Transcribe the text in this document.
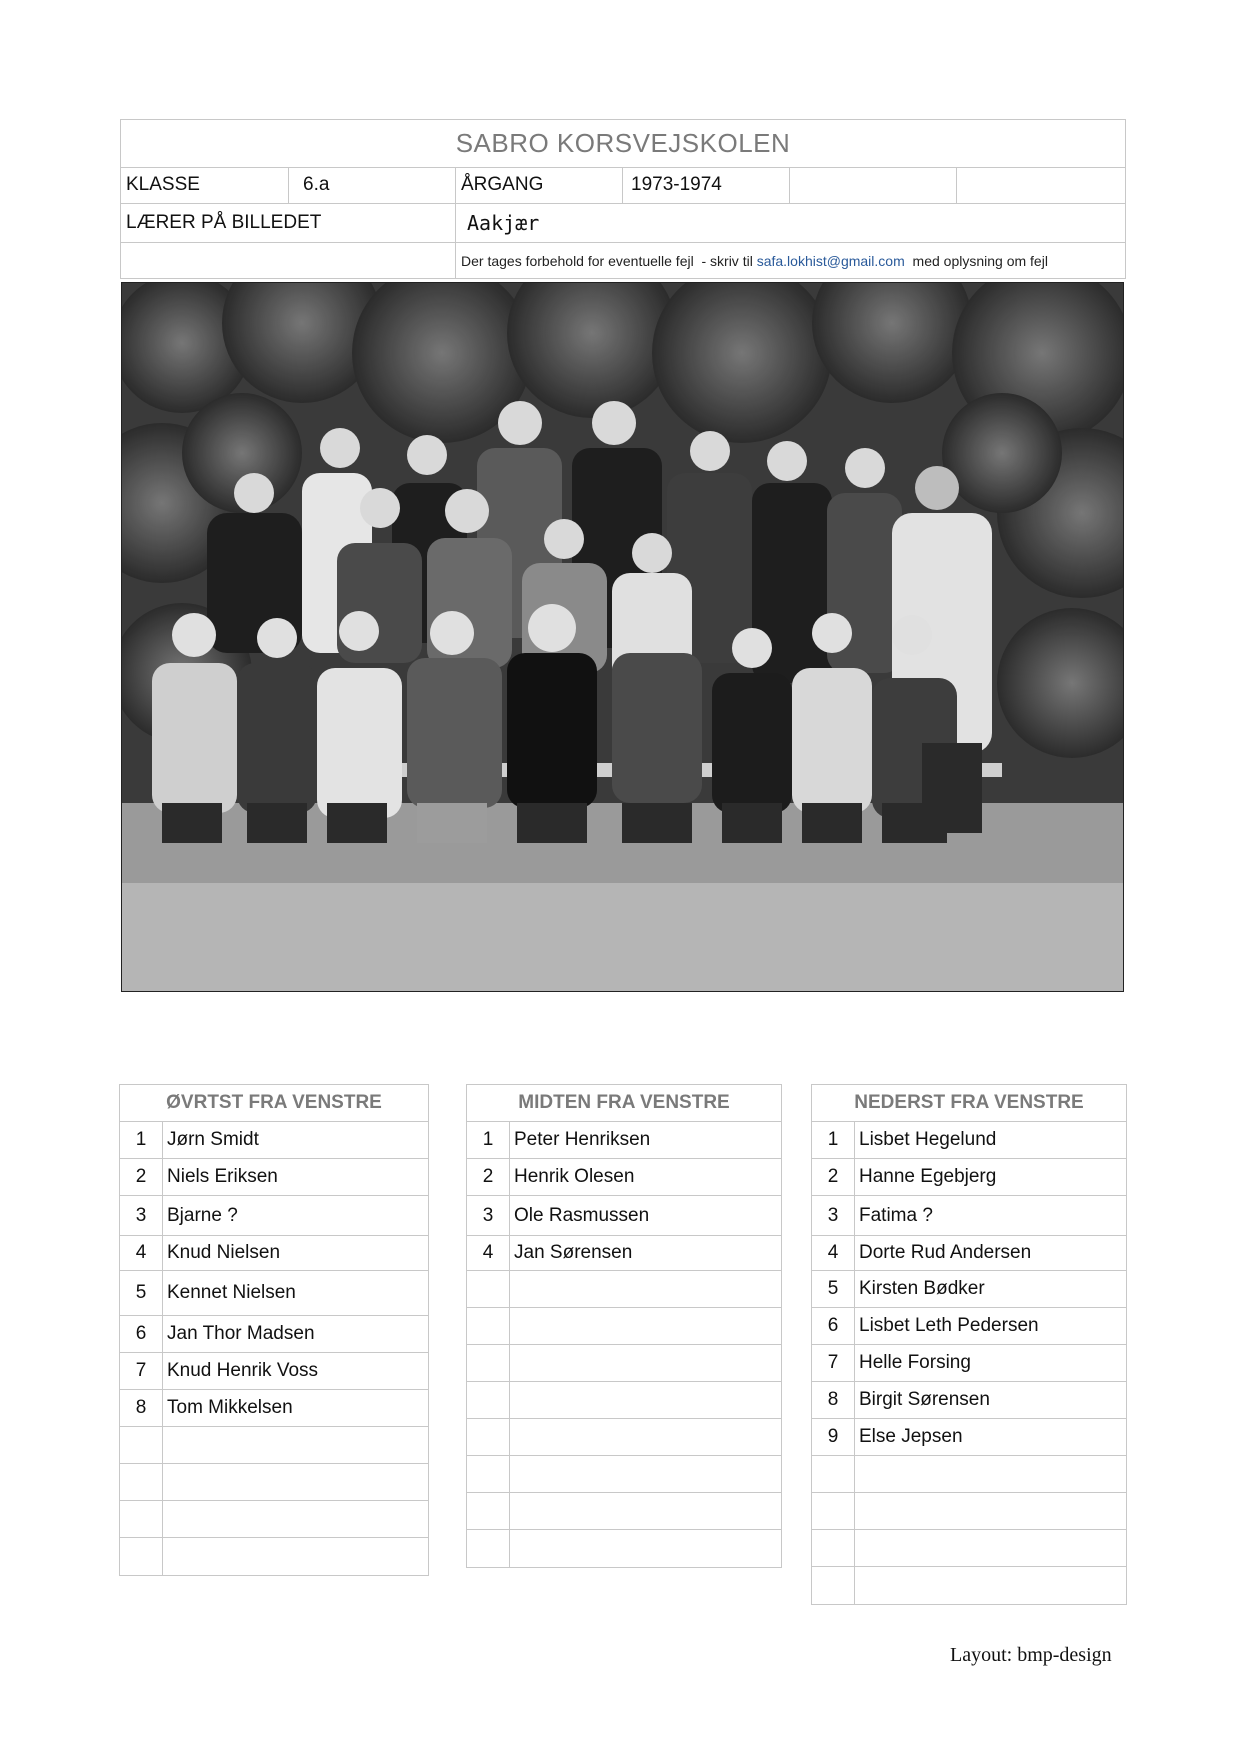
SABRO KORSVEJSKOLEN
KLASSE	6.a	ÅRGANG	1973-1974
LÆRER PÅ BILLEDET	Aakjær
Der tages forbehold for eventuelle fejl  - skriv til safa.lokhist@gmail.com med oplysning om fejl
ØVRTST FRA VENSTRE
1	Jørn Smidt
2	Niels Eriksen
3	Bjarne ?
4	Knud Nielsen
5	Kennet Nielsen
6	Jan Thor Madsen
7	Knud Henrik Voss
8	Tom Mikkelsen
MIDTEN FRA VENSTRE
1	Peter Henriksen
2	Henrik Olesen
3	Ole Rasmussen
4	Jan Sørensen
NEDERST FRA VENSTRE
1	Lisbet Hegelund
2	Hanne Egebjerg
3	Fatima ?
4	Dorte Rud Andersen
5	Kirsten Bødker
6	Lisbet Leth Pedersen
7	Helle Forsing
8	Birgit Sørensen
9	Else Jepsen
Layout: bmp-design
